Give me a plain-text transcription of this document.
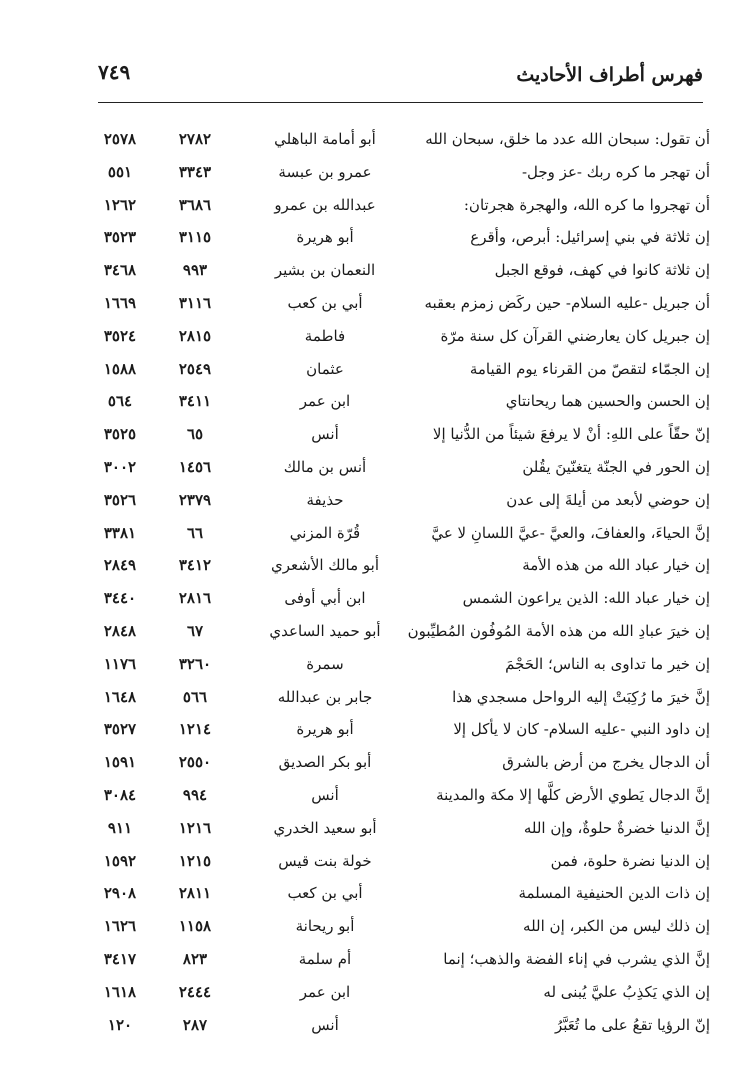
فهرس أطراف الأحاديث
٧٤٩
أن تقول: سبحان الله عدد ما خلق، سبحان الله
أبو أمامة الباهلي
٢٧٨٢
٢٥٧٨
أن تهجر ما كره ربك -عز وجل-
عمرو بن عبسة
٣٣٤٣
٥٥١
أن تهجروا ما كره الله، والهجرة هجرتان:
عبدالله بن عمرو
٣٦٨٦
١٢٦٢
إن ثلاثة في بني إسرائيل: أبرص، وأقرع
أبو هريرة
٣١١٥
٣٥٢٣
إن ثلاثة كانوا في كهف، فوقع الجبل
النعمان بن بشير
٩٩٣
٣٤٦٨
أن جبريل -عليه السلام- حين ركَض زمزم بعقبه
أبي بن كعب
٣١١٦
١٦٦٩
إن جبريل كان يعارضني القرآن كل سنة مرّة
فاطمة
٢٨١٥
٣٥٢٤
إن الجمّاء لتقصّ من القرناء يوم القيامة
عثمان
٢٥٤٩
١٥٨٨
إن الحسن والحسين هما ريحانتاي
ابن عمر
٣٤١١
٥٦٤
إنّ حقّاً على اللهِ: أنْ لا يرفعَ شيئاً من الدُّنيا إلا
أنس
٦٥
٣٥٢٥
إن الحور في الجنّة يتغنّينَ يقُلن
أنس بن مالك
١٤٥٦
٣٠٠٢
إن حوضي لأبعد من أيلةَ إلى عدن
حذيفة
٢٣٧٩
٣٥٢٦
إنَّ الحياءَ، والعفافَ، والعيَّ -عيَّ اللسانِ لا عيَّ
قُرّة المزني
٦٦
٣٣٨١
إن خيار عباد الله من هذه الأمة
أبو مالك الأشعري
٣٤١٢
٢٨٤٩
إن خيار عباد الله: الذين يراعون الشمس
ابن أبي أوفى
٢٨١٦
٣٤٤٠
إن خيرَ عبادِ الله من هذه الأمة المُوفُون المُطيِّبون
أبو حميد الساعدي
٦٧
٢٨٤٨
إن خير ما تداوى به الناس؛ الحَجْمَ
سمرة
٣٢٦٠
١١٧٦
إنَّ خيرَ ما رُكِبَتْ إليه الرواحل مسجدي هذا
جابر بن عبدالله
٥٦٦
١٦٤٨
إن داود النبي -عليه السلام- كان لا يأكل إلا
أبو هريرة
١٢١٤
٣٥٢٧
أن الدجال يخرج من أرض بالشرق
أبو بكر الصديق
٢٥٥٠
١٥٩١
إنَّ الدجال يَطوي الأرض كلَّها إلا مكة والمدينة
أنس
٩٩٤
٣٠٨٤
إنَّ الدنيا خضرةٌ حلوةٌ، وإن الله
أبو سعيد الخدري
١٢١٦
٩١١
إن الدنيا نضرة حلوة، فمن
خولة بنت قيس
١٢١٥
١٥٩٢
إن ذات الدين الحنيفية المسلمة
أبي بن كعب
٢٨١١
٢٩٠٨
إن ذلك ليس من الكبر، إن الله
أبو ريحانة
١١٥٨
١٦٢٦
إنَّ الذي يشرب في إناء الفضة والذهب؛ إنما
أم سلمة
٨٢٣
٣٤١٧
إن الذي يَكذِبُ عليَّ يُبنى له
ابن عمر
٢٤٤٤
١٦١٨
إنّ الرؤيا تقعُ على ما تُعَبَّرُ
أنس
٢٨٧
١٢٠
